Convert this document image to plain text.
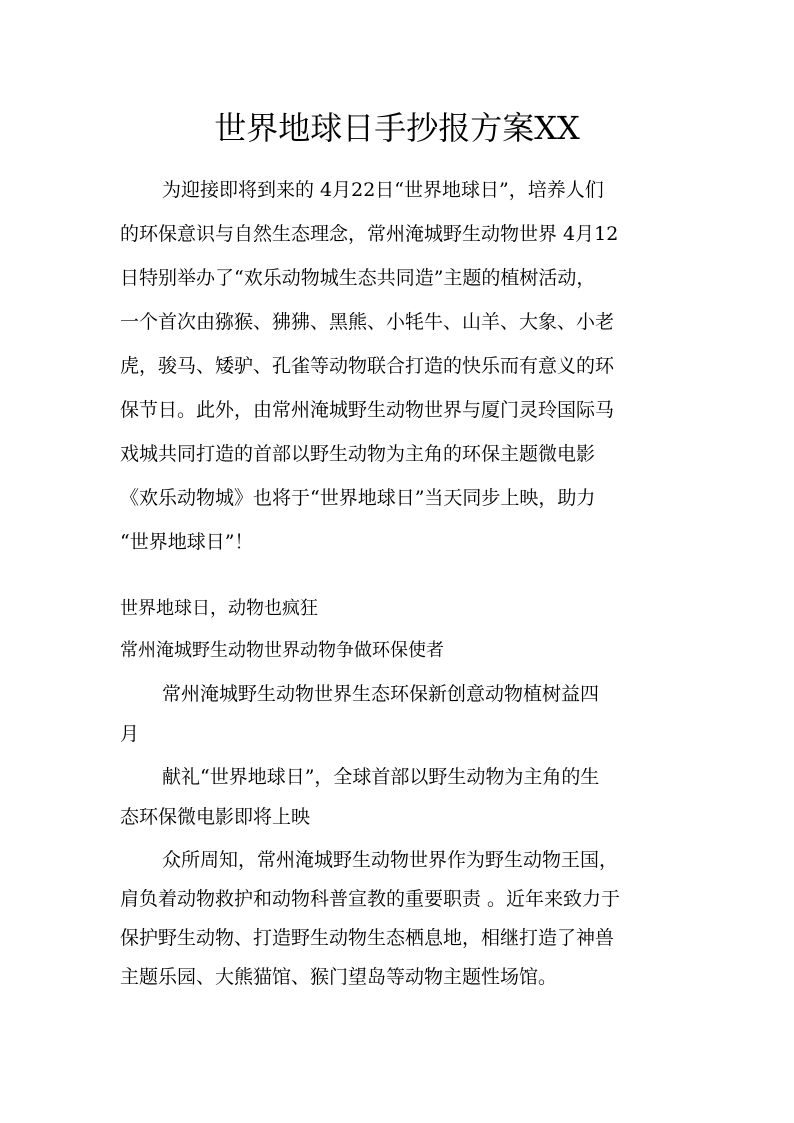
世界地球日手抄报方案XX

为迎接即将到来的 4月22日“世界地球日”，培养人们

的环保意识与自然生态理念，常州淹城野生动物世界 4月12

日特别举办了“欢乐动物城生态共同造”主题的植树活动，

一个首次由猕猴、狒狒、黑熊、小牦牛、山羊、大象、小老

虎，骏马、矮驴、孔雀等动物联合打造的快乐而有意义的环

保节日。此外，由常州淹城野生动物世界与厦门灵玲国际马

戏城共同打造的首部以野生动物为主角的环保主题微电影

《欢乐动物城》也将于“世界地球日”当天同步上映，助力

“世界地球日”！

世界地球日，动物也疯狂

常州淹城野生动物世界动物争做环保使者

常州淹城野生动物世界生态环保新创意动物植树益四

月

献礼“世界地球日”，全球首部以野生动物为主角的生

态环保微电影即将上映

众所周知，常州淹城野生动物世界作为野生动物王国，

肩负着动物救护和动物科普宣教的重要职责 。近年来致力于

保护野生动物、打造野生动物生态栖息地，相继打造了神兽

主题乐园、大熊猫馆、猴门望岛等动物主题性场馆。
